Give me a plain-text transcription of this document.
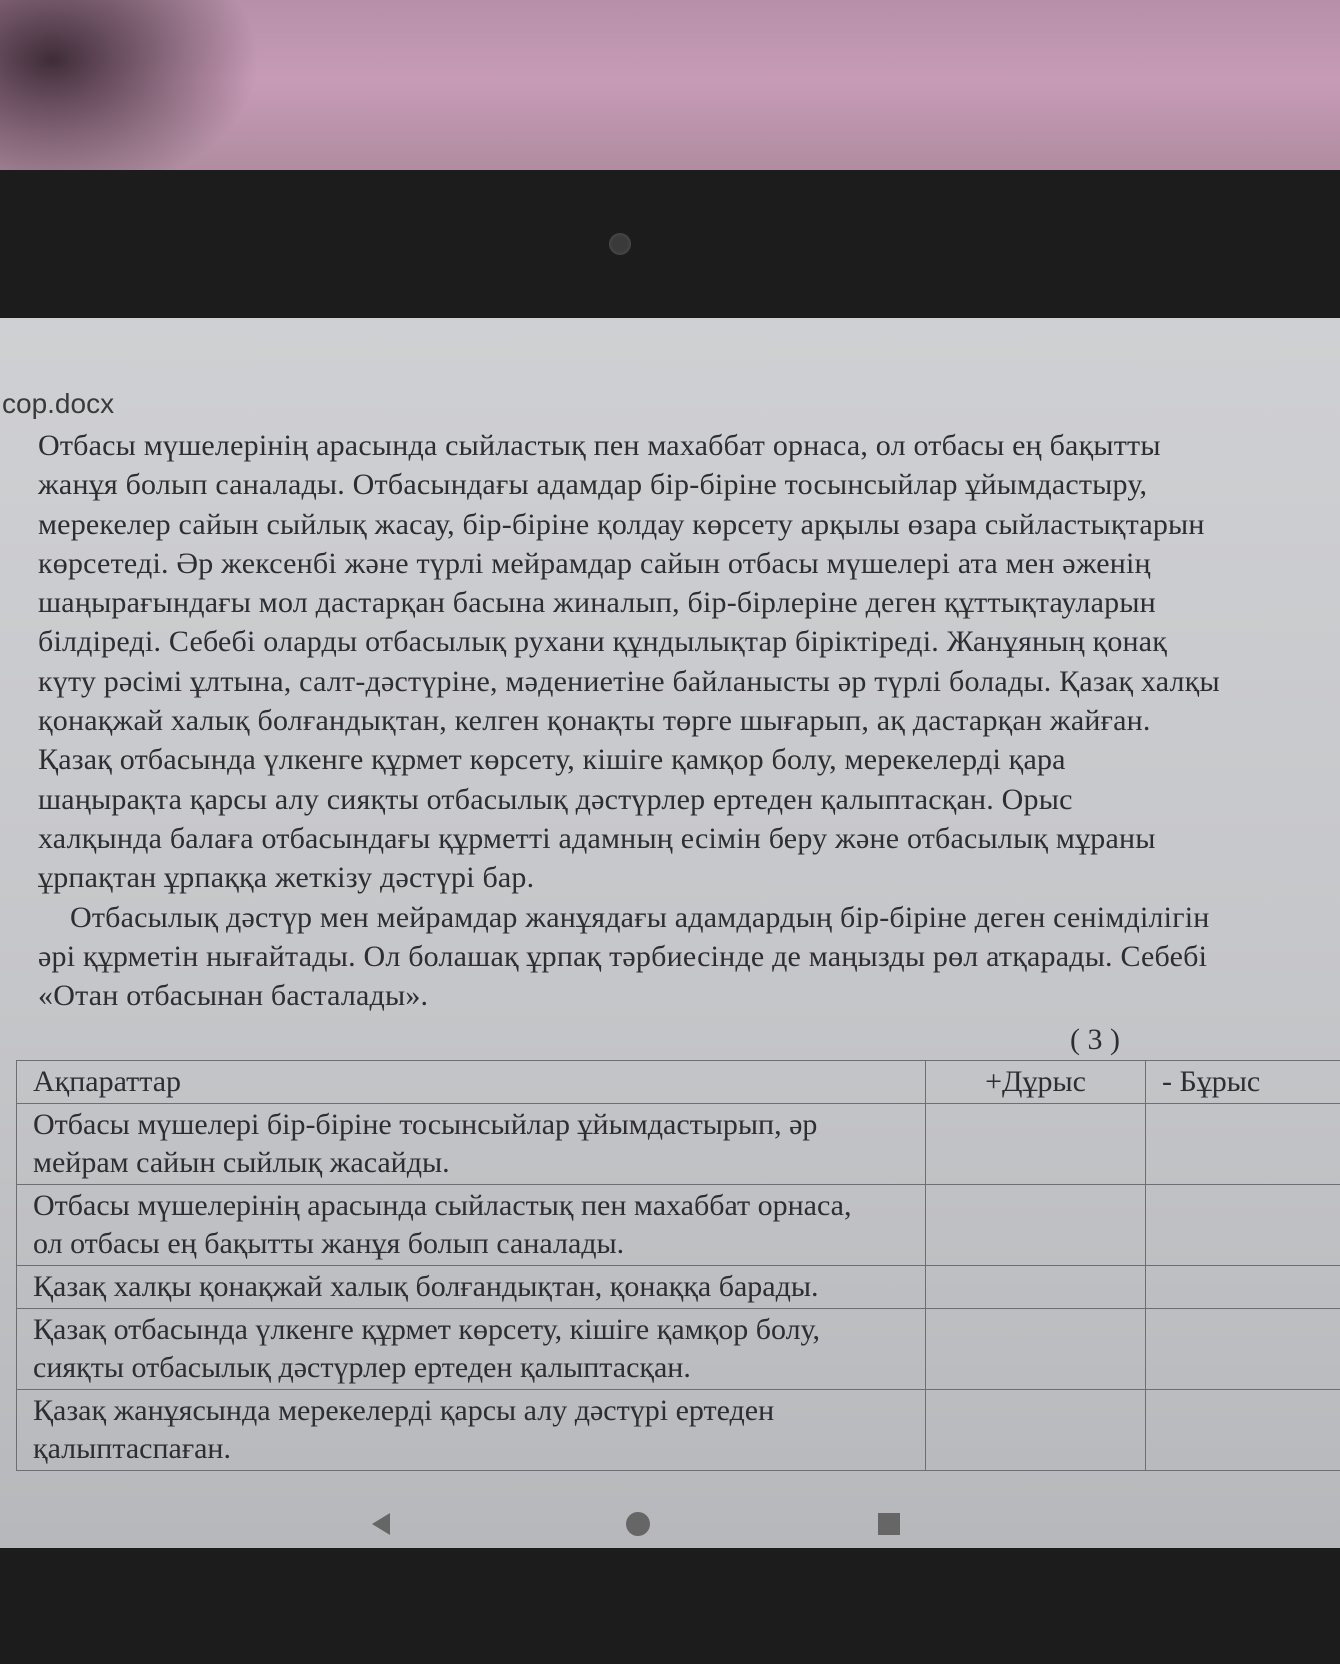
cop.docx
Отбасы мүшелерінің арасында сыйластық пен махаббат орнаса, ол отбасы ең бақытты
жанұя болып саналады. Отбасындағы адамдар бір-біріне тосынсыйлар ұйымдастыру,
мерекелер сайын сыйлық жасау, бір-біріне қолдау көрсету арқылы өзара сыйластықтарын
көрсетеді. Әр жексенбі және түрлі мейрамдар сайын отбасы мүшелері ата мен әженің
шаңырағындағы мол дастарқан басына жиналып, бір-бірлеріне деген құттықтауларын
білдіреді. Себебі оларды отбасылық рухани құндылықтар біріктіреді. Жанұяның қонақ
күту рәсімі ұлтына, салт-дәстүріне, мәдениетіне байланысты әр түрлі болады. Қазақ халқы
қонақжай халық болғандықтан, келген қонақты төрге шығарып, ақ дастарқан жайған.
Қазақ отбасында үлкенге құрмет көрсету, кішіге қамқор болу, мерекелерді қара
шаңырақта қарсы алу сияқты отбасылық дәстүрлер ертеден қалыптасқан. Орыс
халқында балаға отбасындағы құрметті адамның есімін беру және отбасылық мұраны
ұрпақтан ұрпаққа жеткізу дәстүрі бар.
Отбасылық дәстүр мен мейрамдар жанұядағы адамдардың бір-біріне деген сенімділігін
әрі құрметін нығайтады. Ол болашақ ұрпақ тәрбиесінде де маңызды рөл атқарады. Себебі
«Отан отбасынан басталады».
( 3 )
Ақпараттар	+Дұрыс	- Бұрыс

Отбасы мүшелері бір-біріне тосынсыйлар ұйымдастырып, әр
мейрам сайын сыйлық жасайды.		

Отбасы мүшелерінің арасында сыйластық пен махаббат орнаса,
ол отбасы ең бақытты жанұя болып саналады.		

Қазақ халқы қонақжай халық болғандықтан, қонаққа барады.		

Қазақ отбасында үлкенге құрмет көрсету, кішіге қамқор болу,
сияқты отбасылық дәстүрлер ертеден қалыптасқан.		

Қазақ жанұясында мерекелерді қарсы алу дәстүрі ертеден
қалыптаспаған.		
